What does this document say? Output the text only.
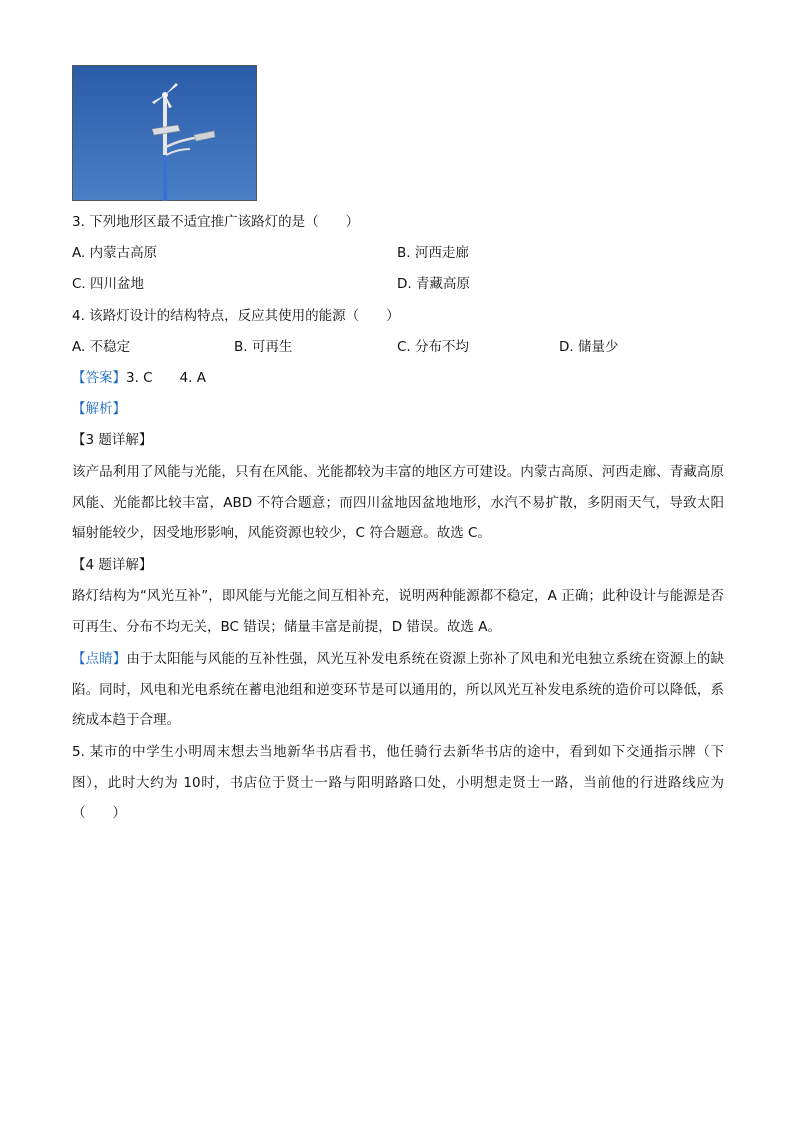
3. 下列地形区最不适宜推广该路灯的是（　　）
A. 内蒙古高原	B. 河西走廊
C. 四川盆地	D. 青藏高原
4. 该路灯设计的结构特点，反应其使用的能源（　　）
A. 不稳定	B. 可再生	C. 分布不均	D. 储量少
【答案】3. C　　4. A
【解析】
【3 题详解】
该产品利用了风能与光能，只有在风能、光能都较为丰富的地区方可建设。内蒙古高原、河西走廊、青藏高原风能、光能都比较丰富，ABD 不符合题意；而四川盆地因盆地地形，水汽不易扩散，多阴雨天气，导致太阳辐射能较少，因受地形影响，风能资源也较少，C 符合题意。故选 C。
【4 题详解】
路灯结构为“风光互补”，即风能与光能之间互相补充，说明两种能源都不稳定，A 正确；此种设计与能源是否可再生、分布不均无关，BC 错误；储量丰富是前提，D 错误。故选 A。
【点睛】由于太阳能与风能的互补性强，风光互补发电系统在资源上弥补了风电和光电独立系统在资源上的缺陷。同时，风电和光电系统在蓄电池组和逆变环节是可以通用的，所以风光互补发电系统的造价可以降低，系统成本趋于合理。
5. 某市的中学生小明周末想去当地新华书店看书，他任骑行去新华书店的途中，看到如下交通指示牌（下图），此时大约为 10时，书店位于贤士一路与阳明路路口处，小明想走贤士一路，当前他的行进路线应为（　　）
